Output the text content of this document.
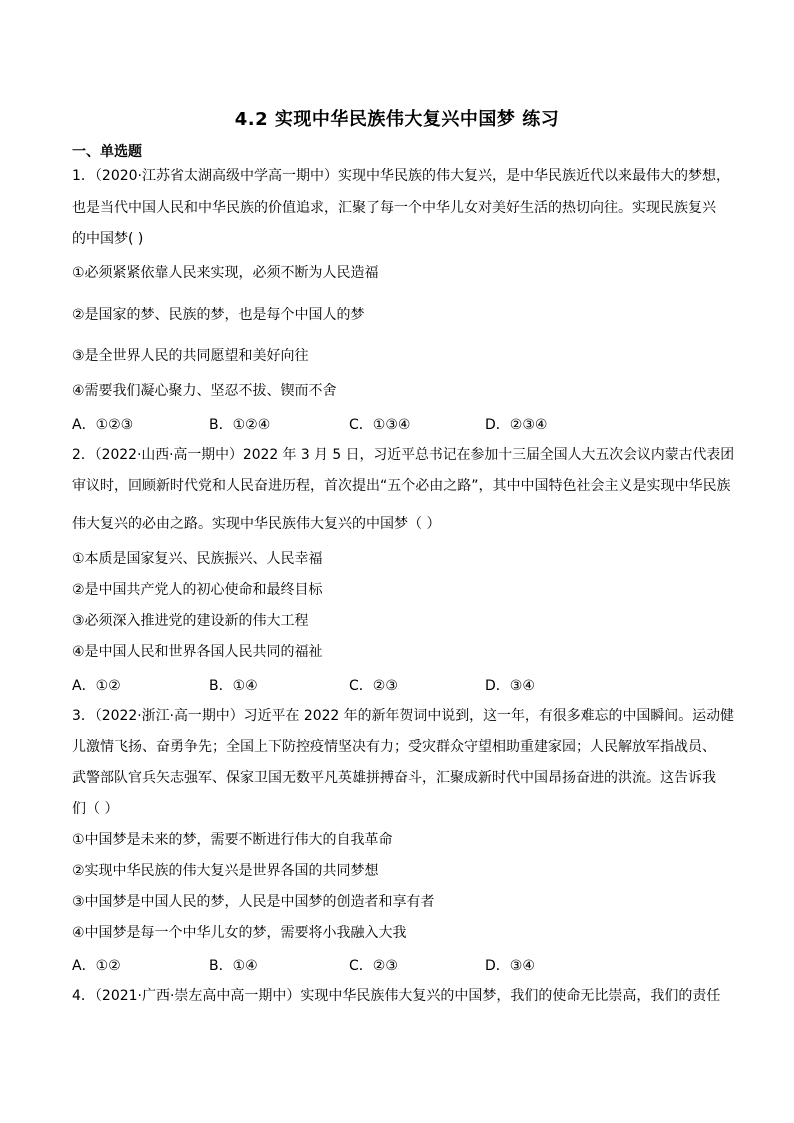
4.2 实现中华民族伟大复兴中国梦 练习
一、单选题
1．（2020·江苏省太湖高级中学高一期中）实现中华民族的伟大复兴，是中华民族近代以来最伟大的梦想，
也是当代中国人民和中华民族的价值追求，汇聚了每一个中华儿女对美好生活的热切向往。实现民族复兴
的中国梦( )
①必须紧紧依靠人民来实现，必须不断为人民造福
②是国家的梦、民族的梦，也是每个中国人的梦
③是全世界人民的共同愿望和美好向往
④需要我们凝心聚力、坚忍不拔、锲而不舍
A．①②③	B．①②④	C．①③④	D．②③④
2．（2022·山西·高一期中）2022 年 3 月 5 日，习近平总书记在参加十三届全国人大五次会议内蒙古代表团
审议时，回顾新时代党和人民奋进历程，首次提出“五个必由之路”，其中中国特色社会主义是实现中华民族
伟大复兴的必由之路。实现中华民族伟大复兴的中国梦（ ）
①本质是国家复兴、民族振兴、人民幸福
②是中国共产党人的初心使命和最终目标
③必须深入推进党的建设新的伟大工程
④是中国人民和世界各国人民共同的福祉
A．①②	B．①④	C．②③	D．③④
3．（2022·浙江·高一期中）习近平在 2022 年的新年贺词中说到，这一年，有很多难忘的中国瞬间。运动健
儿激情飞扬、奋勇争先；全国上下防控疫情坚决有力；受灾群众守望相助重建家园；人民解放军指战员、
武警部队官兵矢志强军、保家卫国无数平凡英雄拼搏奋斗，汇聚成新时代中国昂扬奋进的洪流。这告诉我
们（ ）
①中国梦是未来的梦，需要不断进行伟大的自我革命
②实现中华民族的伟大复兴是世界各国的共同梦想
③中国梦是中国人民的梦，人民是中国梦的创造者和享有者
④中国梦是每一个中华儿女的梦，需要将小我融入大我
A．①②	B．①④	C．②③	D．③④
4．（2021·广西·崇左高中高一期中）实现中华民族伟大复兴的中国梦，我们的使命无比崇高，我们的责任
